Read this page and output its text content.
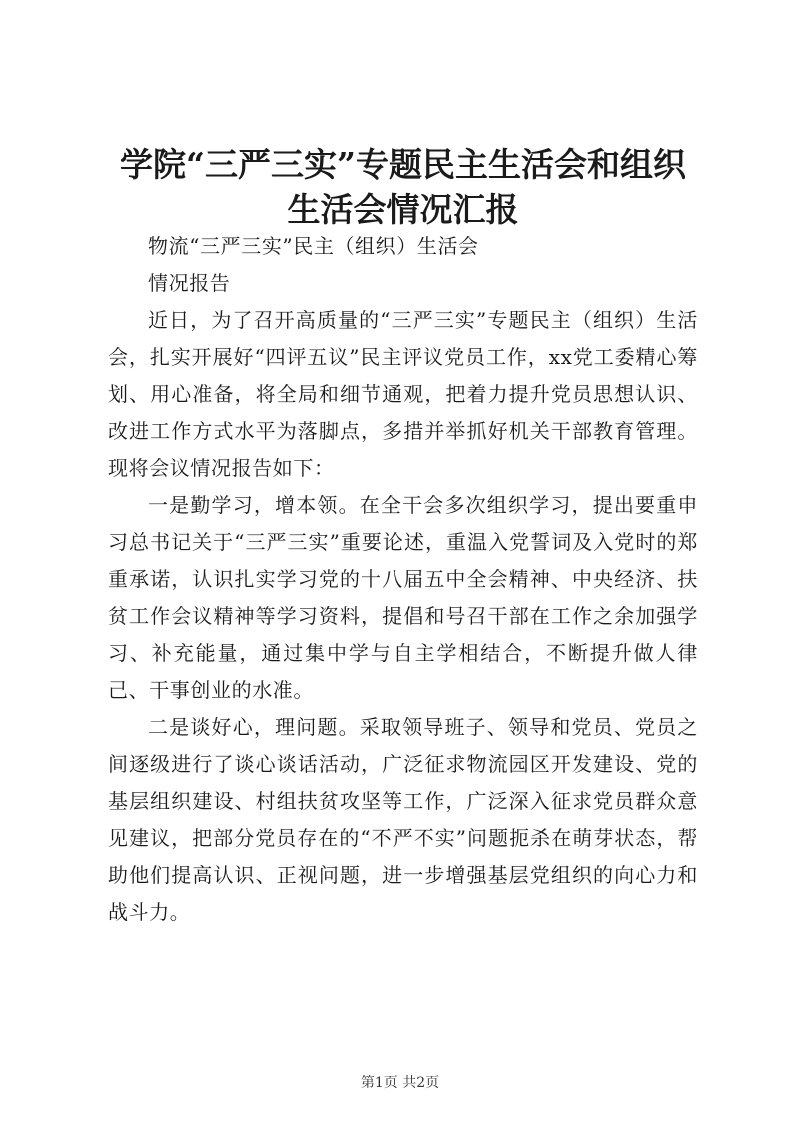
学院“三严三实”专题民主生活会和组织生活会情况汇报

物流“三严三实”民主（组织）生活会

情况报告

近日，为了召开高质量的“三严三实”专题民主（组织）生活会，扎实开展好“四评五议”民主评议党员工作，xx党工委精心筹划、用心准备，将全局和细节通观，把着力提升党员思想认识、改进工作方式水平为落脚点，多措并举抓好机关干部教育管理。现将会议情况报告如下：

一是勤学习，增本领。在全干会多次组织学习，提出要重申习总书记关于“三严三实”重要论述，重温入党誓词及入党时的郑重承诺，认识扎实学习党的十八届五中全会精神、中央经济、扶贫工作会议精神等学习资料，提倡和号召干部在工作之余加强学习、补充能量，通过集中学与自主学相结合，不断提升做人律己、干事创业的水准。

二是谈好心，理问题。采取领导班子、领导和党员、党员之间逐级进行了谈心谈话活动，广泛征求物流园区开发建设、党的基层组织建设、村组扶贫攻坚等工作，广泛深入征求党员群众意见建议，把部分党员存在的“不严不实”问题扼杀在萌芽状态，帮助他们提高认识、正视问题，进一步增强基层党组织的向心力和战斗力。

第1页 共2页
